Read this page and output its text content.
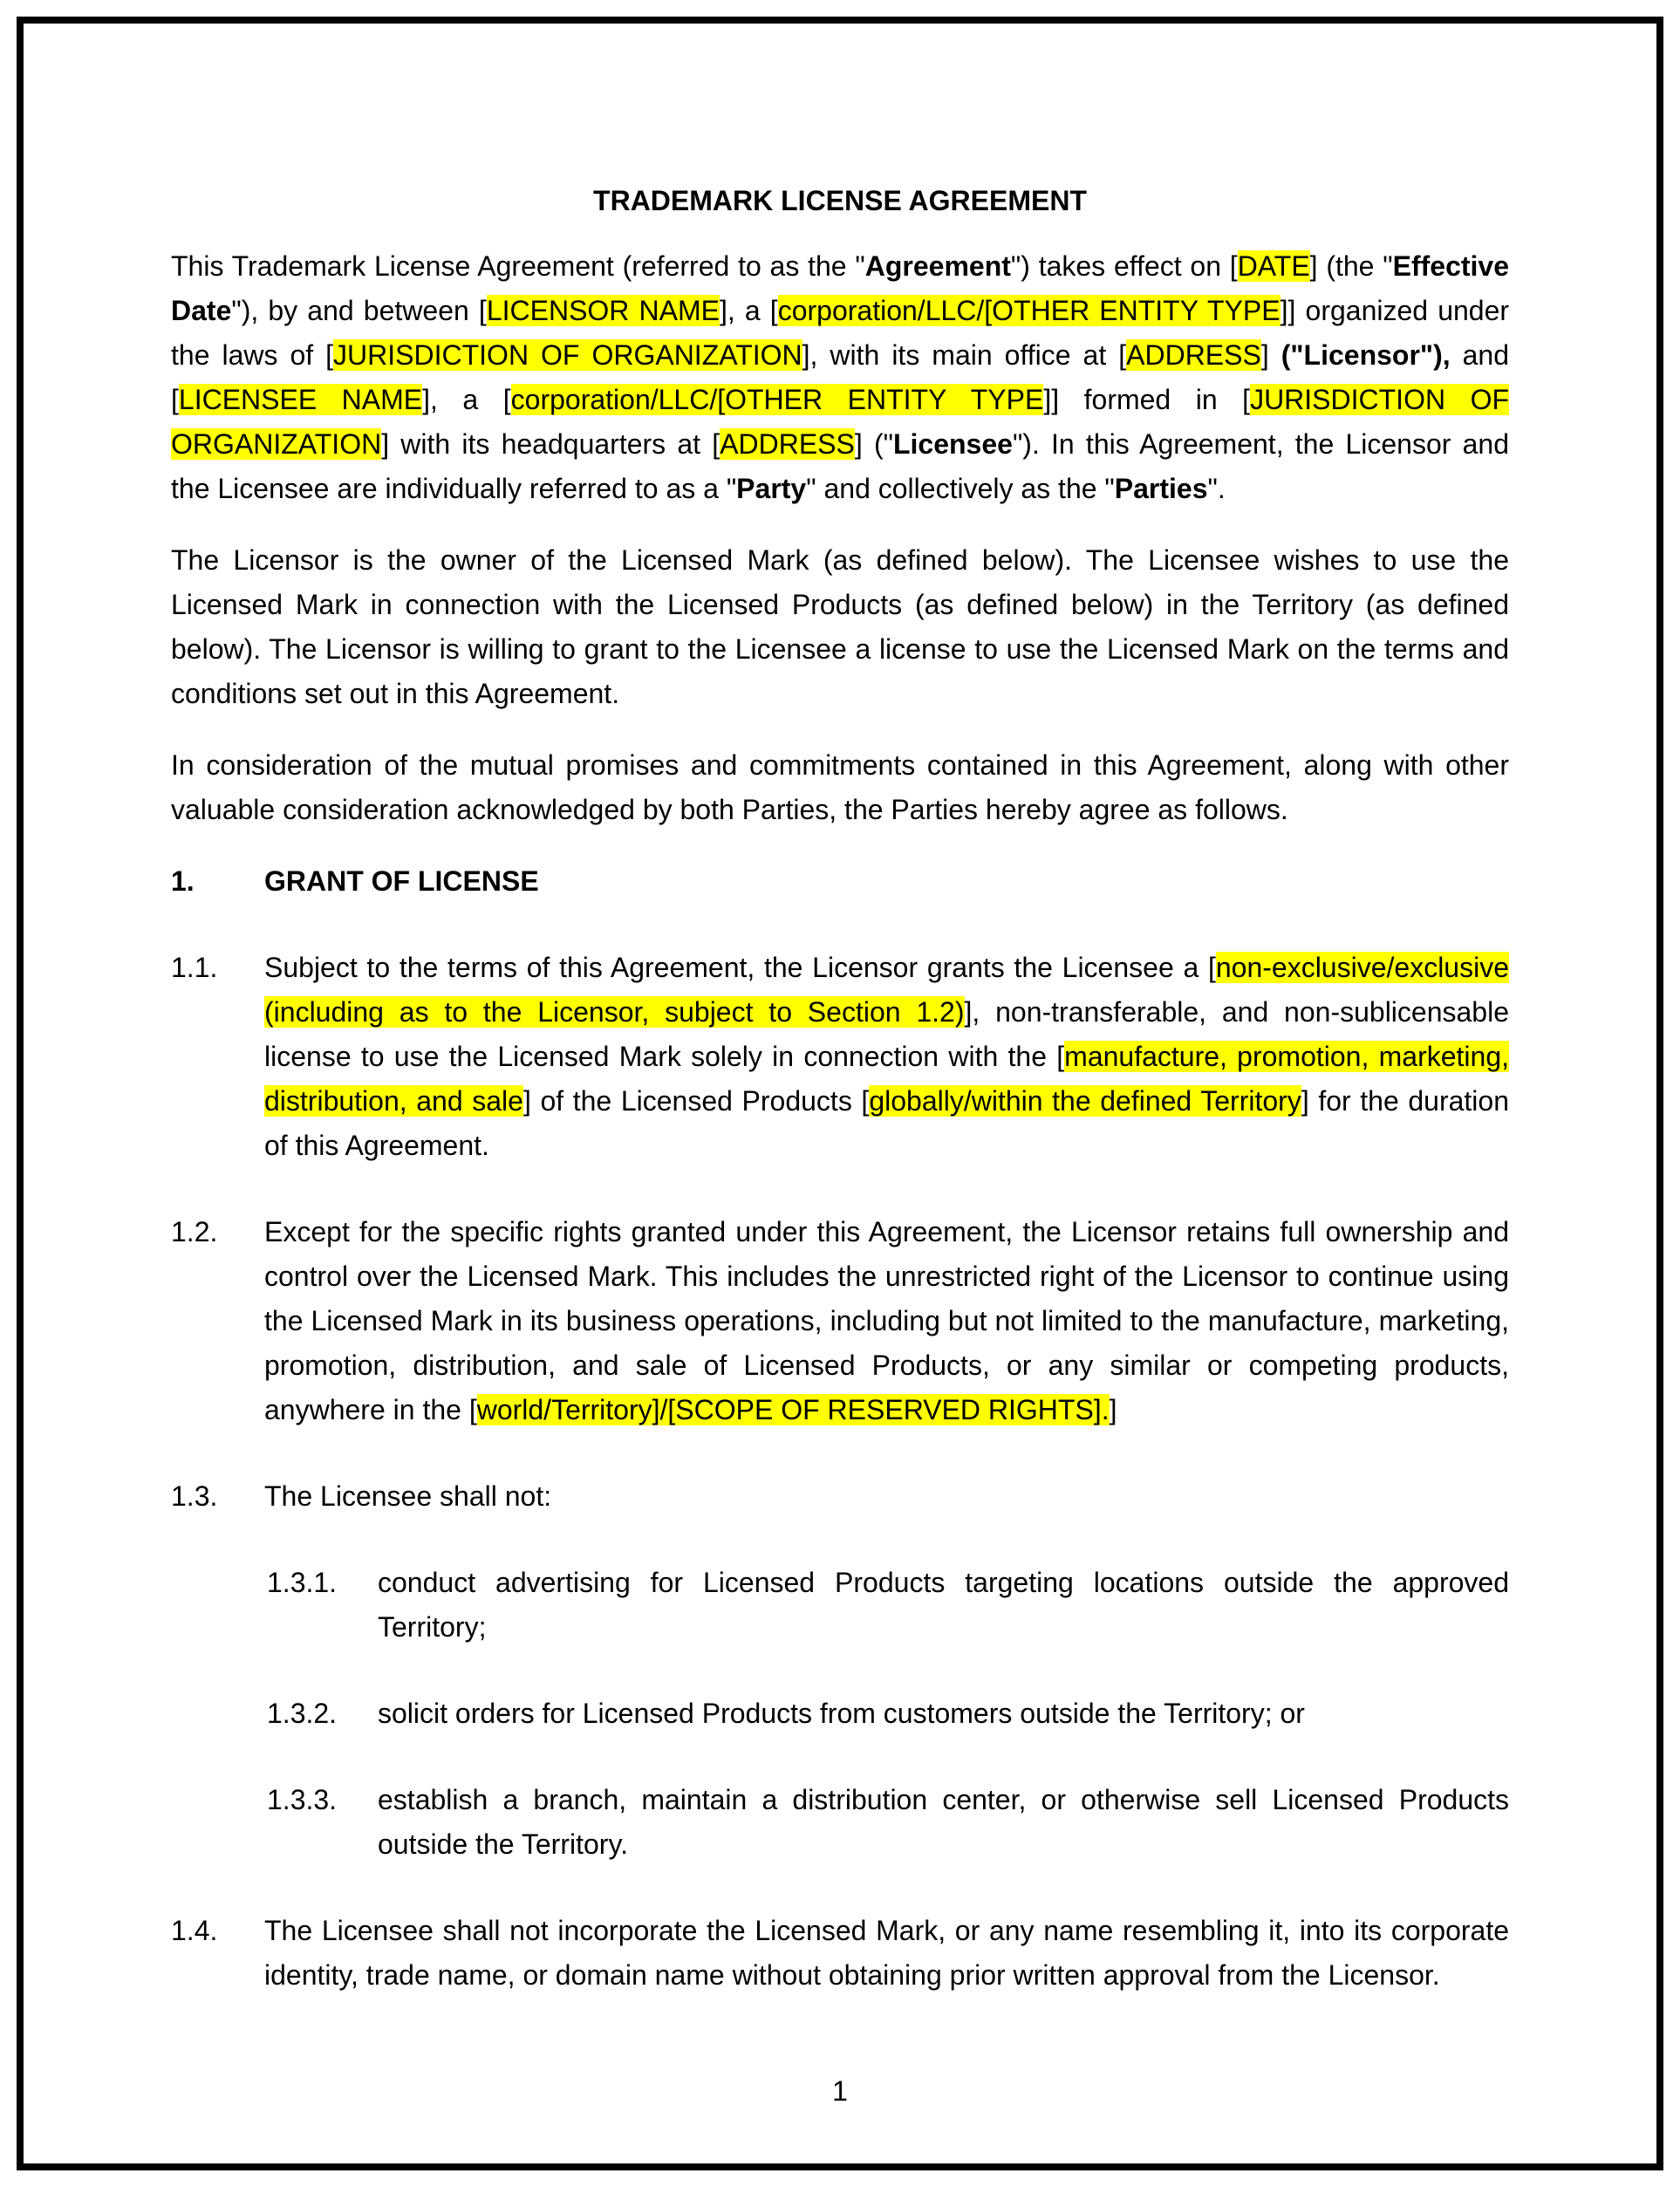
TRADEMARK LICENSE AGREEMENT

This Trademark License Agreement (referred to as the "Agreement") takes effect on [DATE] (the "Effective Date"), by and between [LICENSOR NAME], a [corporation/LLC/[OTHER ENTITY TYPE]] organized under the laws of [JURISDICTION OF ORGANIZATION], with its main office at [ADDRESS] ("Licensor"), and [LICENSEE NAME], a [corporation/LLC/[OTHER ENTITY TYPE]] formed in [JURISDICTION OF ORGANIZATION] with its headquarters at [ADDRESS] ("Licensee"). In this Agreement, the Licensor and the Licensee are individually referred to as a "Party" and collectively as the "Parties".

The Licensor is the owner of the Licensed Mark (as defined below). The Licensee wishes to use the Licensed Mark in connection with the Licensed Products (as defined below) in the Territory (as defined below). The Licensor is willing to grant to the Licensee a license to use the Licensed Mark on the terms and conditions set out in this Agreement.

In consideration of the mutual promises and commitments contained in this Agreement, along with other valuable consideration acknowledged by both Parties, the Parties hereby agree as follows.

1.	GRANT OF LICENSE
1.1.	Subject to the terms of this Agreement, the Licensor grants the Licensee a [non-exclusive/exclusive (including as to the Licensor, subject to Section 1.2)], non-transferable, and non-sublicensable license to use the Licensed Mark solely in connection with the [manufacture, promotion, marketing, distribution, and sale] of the Licensed Products [globally/within the defined Territory] for the duration of this Agreement.
1.2.	Except for the specific rights granted under this Agreement, the Licensor retains full ownership and control over the Licensed Mark. This includes the unrestricted right of the Licensor to continue using the Licensed Mark in its business operations, including but not limited to the manufacture, marketing, promotion, distribution, and sale of Licensed Products, or any similar or competing products, anywhere in the [world/Territory]/[SCOPE OF RESERVED RIGHTS].]
1.3.	The Licensee shall not:
1.3.1.	conduct advertising for Licensed Products targeting locations outside the approved Territory;
1.3.2.	solicit orders for Licensed Products from customers outside the Territory; or
1.3.3.	establish a branch, maintain a distribution center, or otherwise sell Licensed Products outside the Territory.
1.4.	The Licensee shall not incorporate the Licensed Mark, or any name resembling it, into its corporate identity, trade name, or domain name without obtaining prior written approval from the Licensor.
1
